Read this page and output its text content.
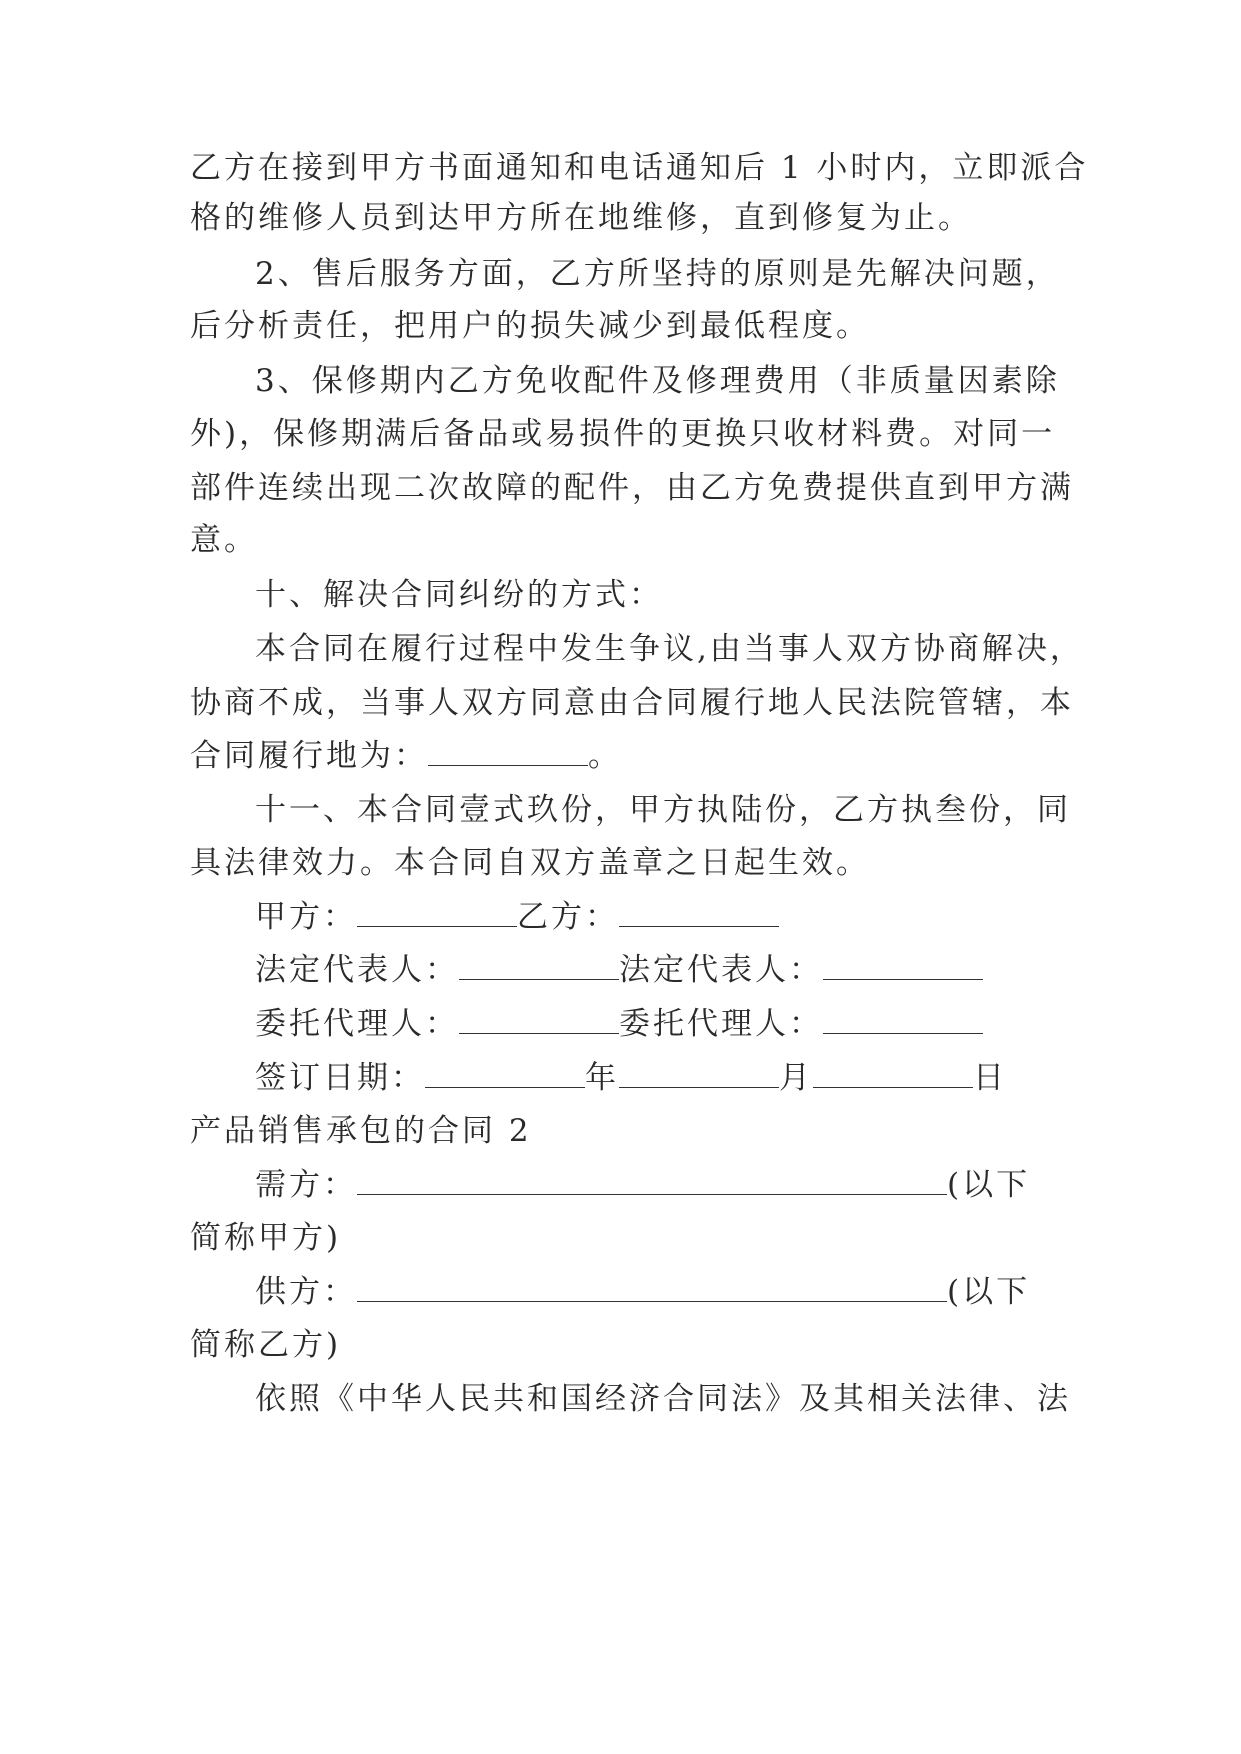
乙方在接到甲方书面通知和电话通知后 1 小时内，立即派合
格的维修人员到达甲方所在地维修，直到修复为止。
2、售后服务方面，乙方所坚持的原则是先解决问题，
后分析责任，把用户的损失减少到最低程度。
3、保修期内乙方免收配件及修理费用（非质量因素除
外)，保修期满后备品或易损件的更换只收材料费。对同一
部件连续出现二次故障的配件，由乙方免费提供直到甲方满
意。
十、解决合同纠纷的方式：
本合同在履行过程中发生争议,由当事人双方协商解决，
协商不成，当事人双方同意由合同履行地人民法院管辖，本
合同履行地为：	。
十一、本合同壹式玖份，甲方执陆份，乙方执叁份，同
具法律效力。本合同自双方盖章之日起生效。
甲方：	乙方：
法定代表人：	法定代表人：
委托代理人：	委托代理人：
签订日期：	年	月	日
产品销售承包的合同 2
需方：	(以下
简称甲方)
供方：	(以下
简称乙方)
依照《中华人民共和国经济合同法》及其相关法律、法
